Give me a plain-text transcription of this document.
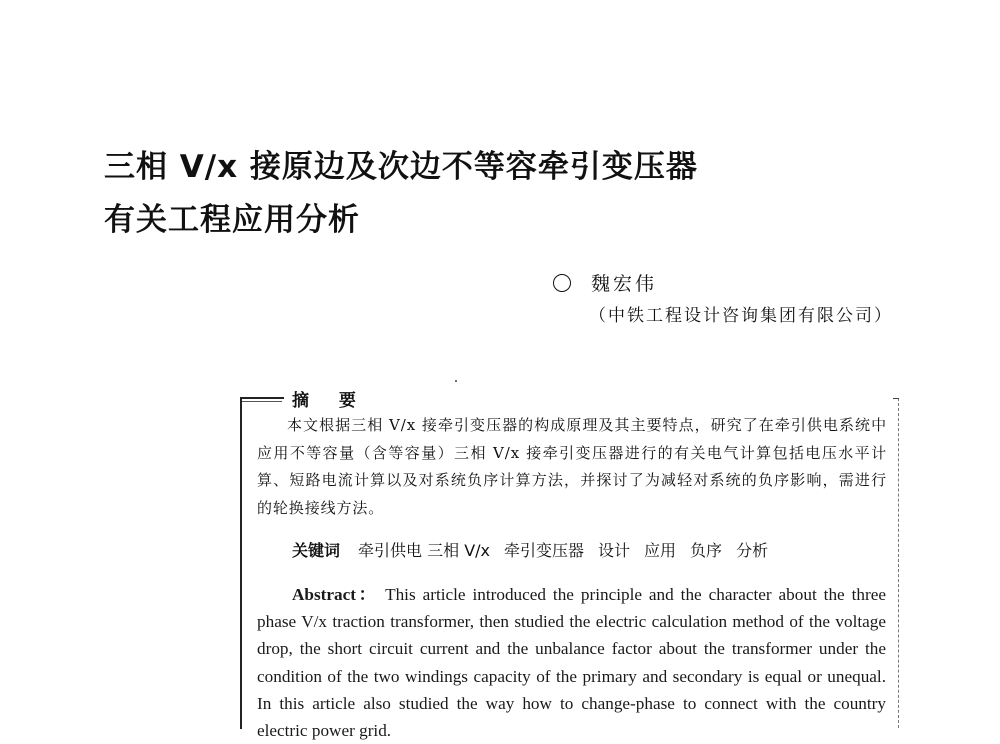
三相 V/x 接原边及次边不等容牵引变压器
有关工程应用分析
魏宏伟
（中铁工程设计咨询集团有限公司）
摘 要
本文根据三相 V/x 接牵引变压器的构成原理及其主要特点，研究了在牵引供电系统中应用不等容量（含等容量）三相 V/x 接牵引变压器进行的有关电气计算包括电压水平计算、短路电流计算以及对系统负序计算方法，并探讨了为减轻对系统的负序影响，需进行的轮换接线方法。
关键词 牵引供电 三相 V/x 牵引变压器 设计 应用 负序 分析
Abstract： This article introduced the principle and the character about the three phase V/x traction transformer, then studied the electric calculation method of the voltage drop, the short circuit current and the unbalance factor about the transformer under the condition of the two windings capacity of the primary and secondary is equal or unequal. In this article also studied the way how to change-phase to connect with the country electric power grid.
